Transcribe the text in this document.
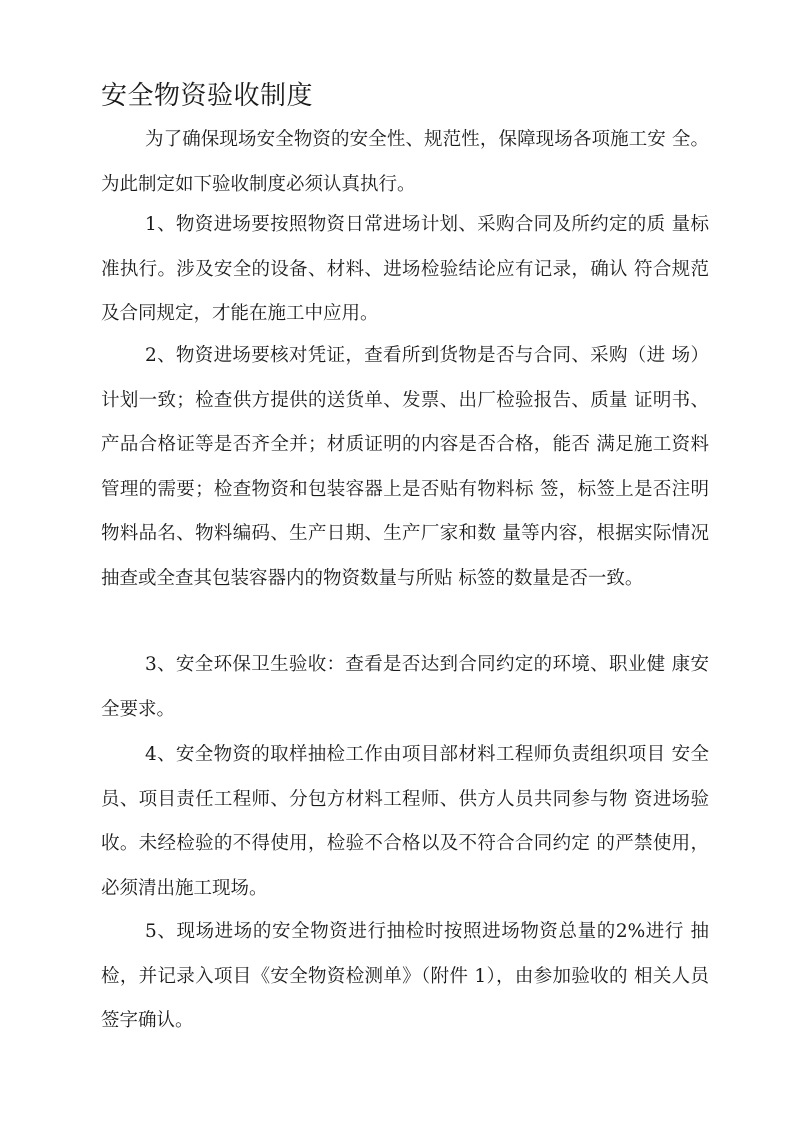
安全物资验收制度

为了确保现场安全物资的安全性、规范性，保障现场各项施工安 全。为此制定如下验收制度必须认真执行。

1、物资进场要按照物资日常进场计划、采购合同及所约定的质 量标准执行。涉及安全的设备、材料、进场检验结论应有记录，确认 符合规范及合同规定，才能在施工中应用。

2、物资进场要核对凭证，查看所到货物是否与合同、采购（进 场）计划一致；检查供方提供的送货单、发票、出厂检验报告、质量 证明书、产品合格证等是否齐全并；材质证明的内容是否合格，能否 满足施工资料管理的需要；检查物资和包装容器上是否贴有物料标 签，标签上是否注明物料品名、物料编码、生产日期、生产厂家和数 量等内容，根据实际情况抽查或全查其包装容器内的物资数量与所贴 标签的数量是否一致。

3、安全环保卫生验收：查看是否达到合同约定的环境、职业健 康安全要求。

4、安全物资的取样抽检工作由项目部材料工程师负责组织项目 安全员、项目责任工程师、分包方材料工程师、供方人员共同参与物 资进场验收。未经检验的不得使用，检验不合格以及不符合合同约定 的严禁使用，必须清出施工现场。

5、现场进场的安全物资进行抽检时按照进场物资总量的2%进行 抽检，并记录入项目《安全物资检测单》（附件 1），由参加验收的 相关人员签字确认。
